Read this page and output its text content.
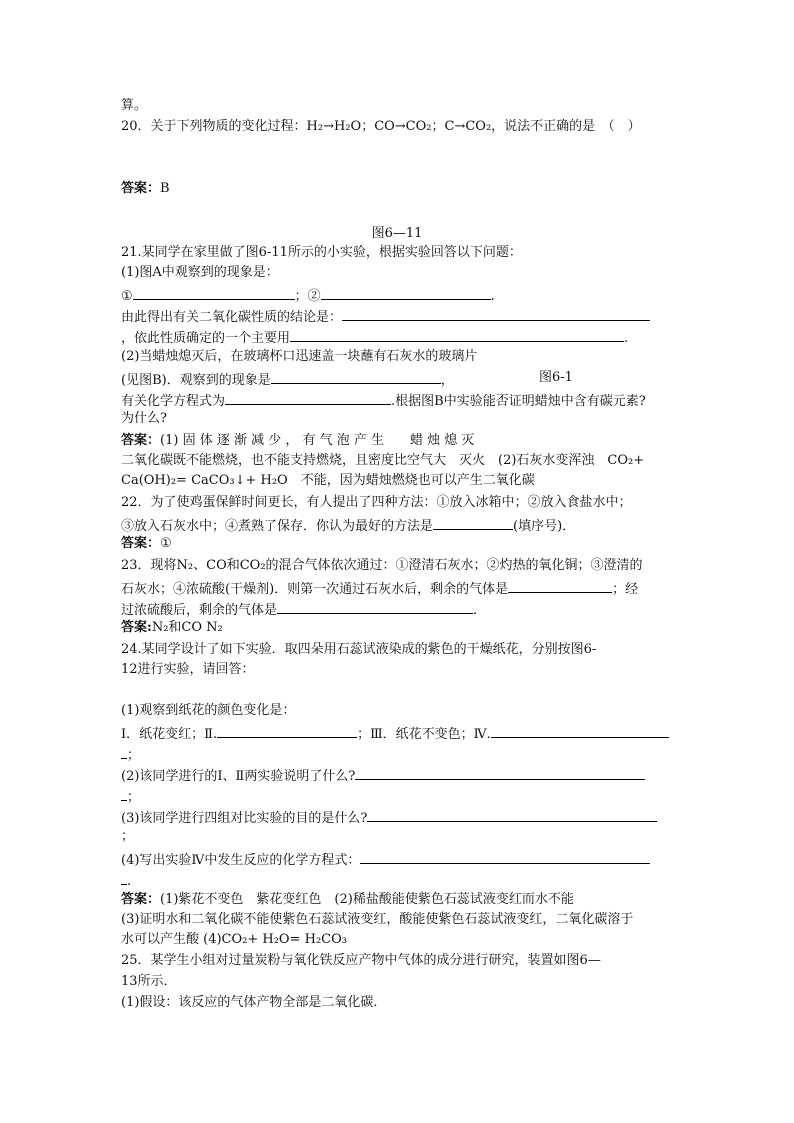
算。
20．关于下列物质的变化过程：H₂→H₂O；CO→CO₂；C→CO₂，说法不正确的是　（　）
答案：B
图6—11
21.某同学在家里做了图6-11所示的小实验，根据实验回答以下问题：
(1)图A中观察到的现象是：
①	；②	.
由此得出有关二氧化碳性质的结论是：
，依此性质确定的一个主要用	.
(2)当蜡烛熄灭后，在玻璃杯口迅速盖一块蘸有石灰水的玻璃片
(见图B)．观察到的现象是	，	图6-1
有关化学方程式为	.根据图B中实验能否证明蜡烛中含有碳元素?
为什么?
答案：(1) 固 体 逐 渐 减 少 ， 有 气 泡 产 生　　蜡 烛 熄 灭
二氧化碳既不能燃烧，也不能支持燃烧，且密度比空气大　灭火　(2)石灰水变浑浊　CO₂+
Ca(OH)₂= CaCO₃↓+ H₂O　不能，因为蜡烛燃烧也可以产生二氧化碳
22．为了使鸡蛋保鲜时间更长，有人提出了四种方法：①放入冰箱中；②放入食盐水中；
③放入石灰水中；④煮熟了保存．你认为最好的方法是	(填序号)．
答案：①
23．现将N₂、CO和CO₂的混合气体依次通过：①澄清石灰水；②灼热的氧化铜；③澄清的
石灰水；④浓硫酸(干燥剂)．则第一次通过石灰水后，剩余的气体是	；经
过浓硫酸后，剩余的气体是	.
答案:N₂和CO N₂
24.某同学设计了如下实验．取四朵用石蕊试液染成的紫色的干燥纸花，分别按图6-
12进行实验，请回答：
(1)观察到纸花的颜色变化是：
Ⅰ．纸花变红；Ⅱ.	；Ⅲ．纸花不变色；Ⅳ.
；
(2)该同学进行的Ⅰ、Ⅱ两实验说明了什么?
；
(3)该同学进行四组对比实验的目的是什么?
；
(4)写出实验Ⅳ中发生反应的化学方程式：
.
答案：(1)紫花不变色　紫花变红色　(2)稀盐酸能使紫色石蕊试液变红而水不能
(3)证明水和二氧化碳不能使紫色石蕊试液变红，酸能使紫色石蕊试液变红，二氧化碳溶于
水可以产生酸 (4)CO₂+ H₂O= H₂CO₃
25．某学生小组对过量炭粉与氧化铁反应产物中气体的成分进行研究，装置如图6—
13所示．
(1)假设：该反应的气体产物全部是二氧化碳．
